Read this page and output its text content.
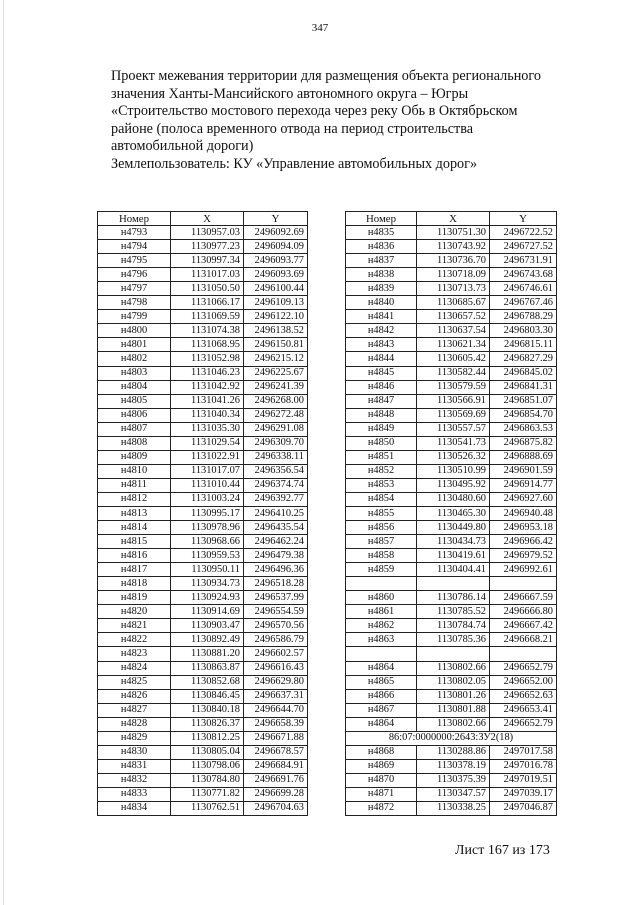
347
Проект межевания территории для размещения объекта регионального
значения Ханты-Мансийского автономного округа – Югры
«Строительство мостового перехода через реку Обь в Октябрьском
районе (полоса временного отвода на период строительства
автомобильной дороги)
Землепользователь: КУ «Управление автомобильных дорог»
Номер	X	Y
н4793	1130957.03	2496092.69
н4794	1130977.23	2496094.09
н4795	1130997.34	2496093.77
н4796	1131017.03	2496093.69
н4797	1131050.50	2496100.44
н4798	1131066.17	2496109.13
н4799	1131069.59	2496122.10
н4800	1131074.38	2496138.52
н4801	1131068.95	2496150.81
н4802	1131052.98	2496215.12
н4803	1131046.23	2496225.67
н4804	1131042.92	2496241.39
н4805	1131041.26	2496268.00
н4806	1131040.34	2496272.48
н4807	1131035.30	2496291.08
н4808	1131029.54	2496309.70
н4809	1131022.91	2496338.11
н4810	1131017.07	2496356.54
н4811	1131010.44	2496374.74
н4812	1131003.24	2496392.77
н4813	1130995.17	2496410.25
н4814	1130978.96	2496435.54
н4815	1130968.66	2496462.24
н4816	1130959.53	2496479.38
н4817	1130950.11	2496496.36
н4818	1130934.73	2496518.28
н4819	1130924.93	2496537.99
н4820	1130914.69	2496554.59
н4821	1130903.47	2496570.56
н4822	1130892.49	2496586.79
н4823	1130881.20	2496602.57
н4824	1130863.87	2496616.43
н4825	1130852.68	2496629.80
н4826	1130846.45	2496637.31
н4827	1130840.18	2496644.70
н4828	1130826.37	2496658.39
н4829	1130812.25	2496671.88
н4830	1130805.04	2496678.57
н4831	1130798.06	2496684.91
н4832	1130784.80	2496691.76
н4833	1130771.82	2496699.28
н4834	1130762.51	2496704.63
Номер	X	Y
н4835	1130751.30	2496722.52
н4836	1130743.92	2496727.52
н4837	1130736.70	2496731.91
н4838	1130718.09	2496743.68
н4839	1130713.73	2496746.61
н4840	1130685.67	2496767.46
н4841	1130657.52	2496788.29
н4842	1130637.54	2496803.30
н4843	1130621.34	2496815.11
н4844	1130605.42	2496827.29
н4845	1130582.44	2496845.02
н4846	1130579.59	2496841.31
н4847	1130566.91	2496851.07
н4848	1130569.69	2496854.70
н4849	1130557.57	2496863.53
н4850	1130541.73	2496875.82
н4851	1130526.32	2496888.69
н4852	1130510.99	2496901.59
н4853	1130495.92	2496914.77
н4854	1130480.60	2496927.60
н4855	1130465.30	2496940.48
н4856	1130449.80	2496953.18
н4857	1130434.73	2496966.42
н4858	1130419.61	2496979.52
н4859	1130404.41	2496992.61

н4860	1130786.14	2496667.59
н4861	1130785.52	2496666.80
н4862	1130784.74	2496667.42
н4863	1130785.36	2496668.21

н4864	1130802.66	2496652.79
н4865	1130802.05	2496652.00
н4866	1130801.26	2496652.63
н4867	1130801.88	2496653.41
н4864	1130802.66	2496652.79
86:07:0000000:2643:ЗУ2(18)		
н4868	1130288.86	2497017.58
н4869	1130378.19	2497016.78
н4870	1130375.39	2497019.51
н4871	1130347.57	2497039.17
н4872	1130338.25	2497046.87
Лист 167 из 173
